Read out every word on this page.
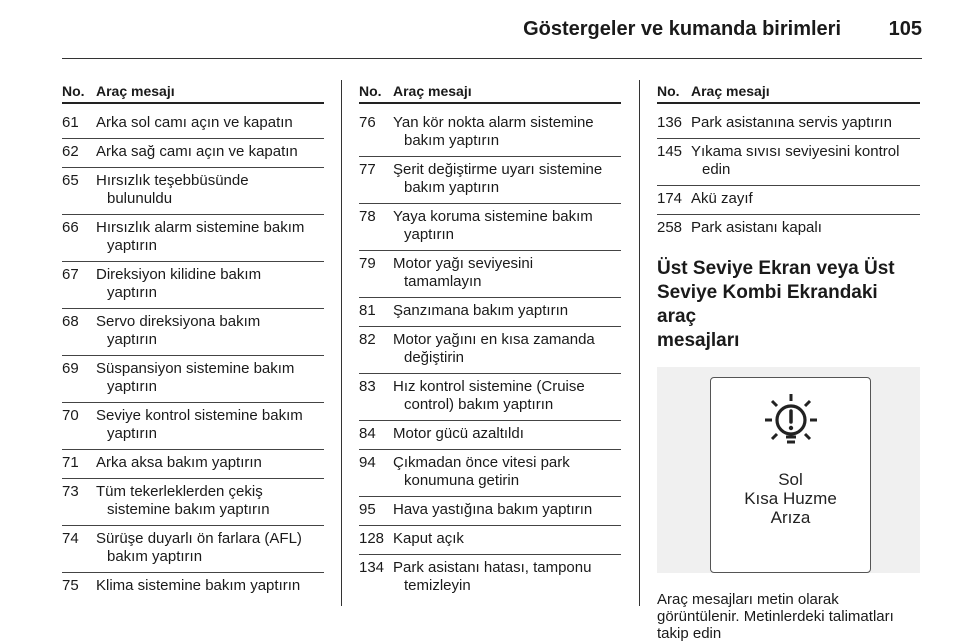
Göstergeler ve kumanda birimleri 105
No. Araç mesajı
61	Arka sol camı açın ve kapatın
62	Arka sağ camı açın ve kapatın
65	Hırsızlık teşebbüsünde
bulunuldu
66	Hırsızlık alarm sistemine bakım
yaptırın
67	Direksiyon kilidine bakım
yaptırın
68	Servo direksiyona bakım
yaptırın
69	Süspansiyon sistemine bakım
yaptırın
70	Seviye kontrol sistemine bakım
yaptırın
71	Arka aksa bakım yaptırın
73	Tüm tekerleklerden çekiş
sistemine bakım yaptırın
74	Sürüşe duyarlı ön farlara (AFL)
bakım yaptırın
75	Klima sistemine bakım yaptırın
No. Araç mesajı
76	Yan kör nokta alarm sistemine
bakım yaptırın
77	Şerit değiştirme uyarı sistemine
bakım yaptırın
78	Yaya koruma sistemine bakım
yaptırın
79	Motor yağı seviyesini
tamamlayın
81	Şanzımana bakım yaptırın
82	Motor yağını en kısa zamanda
değiştirin
83	Hız kontrol sistemine (Cruise
control) bakım yaptırın
84	Motor gücü azaltıldı
94	Çıkmadan önce vitesi park
konumuna getirin
95	Hava yastığına bakım yaptırın
128 Kaput açık
134 Park asistanı hatası, tamponu
temizleyin
No. Araç mesajı
136 Park asistanına servis yaptırın
145 Yıkama sıvısı seviyesini kontrol
edin
174 Akü zayıf
258 Park asistanı kapalı
Üst Seviye Ekran veya Üst
Seviye Kombi Ekrandaki araç
mesajları
Sol
Kısa Huzme
Arıza
Araç mesajları metin olarak
görüntülenir. Metinlerdeki talimatları
takip edin
